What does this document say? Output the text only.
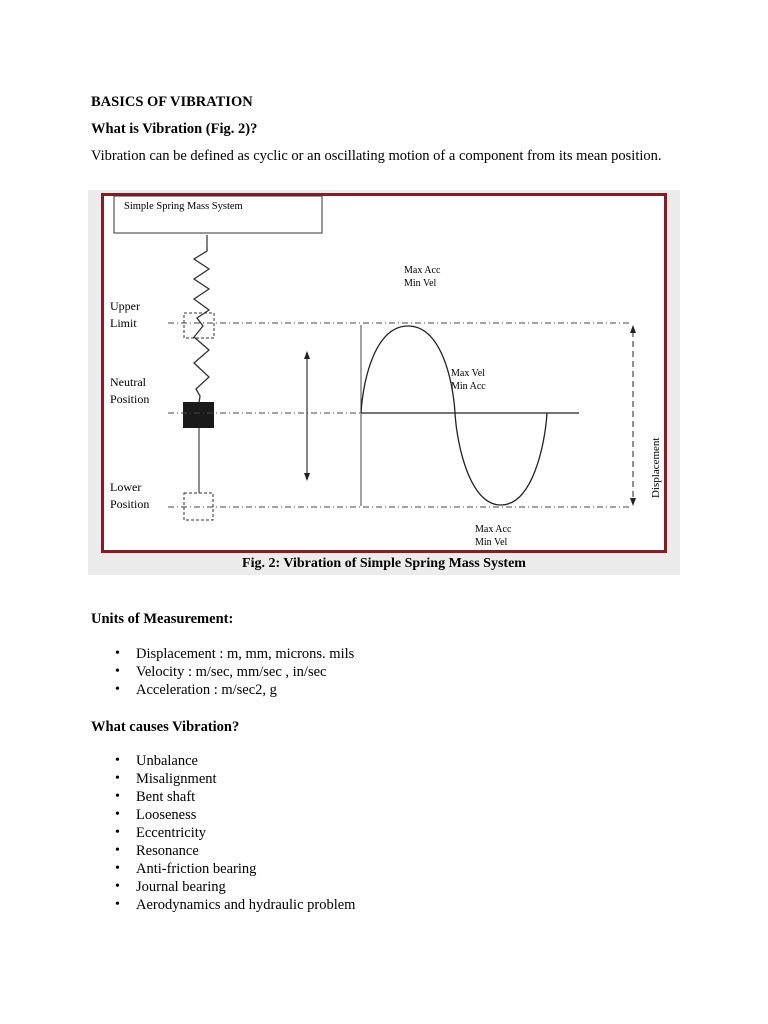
BASICS OF VIBRATION
What is Vibration (Fig. 2)?
Vibration can be defined as cyclic or an oscillating motion of a component from its mean position.
Simple Spring Mass System
Upper Limit
Neutral Position
Lower Position
Max Acc Min Vel
Max Vel Min Acc
Max Acc Min Vel
Displacement
Fig. 2: Vibration of Simple Spring Mass System
Units of Measurement:
• Displacement : m, mm, microns. mils
• Velocity : m/sec, mm/sec , in/sec
• Acceleration : m/sec2, g
What causes Vibration?
• Unbalance
• Misalignment
• Bent shaft
• Looseness
• Eccentricity
• Resonance
• Anti-friction bearing
• Journal bearing
• Aerodynamics and hydraulic problem
